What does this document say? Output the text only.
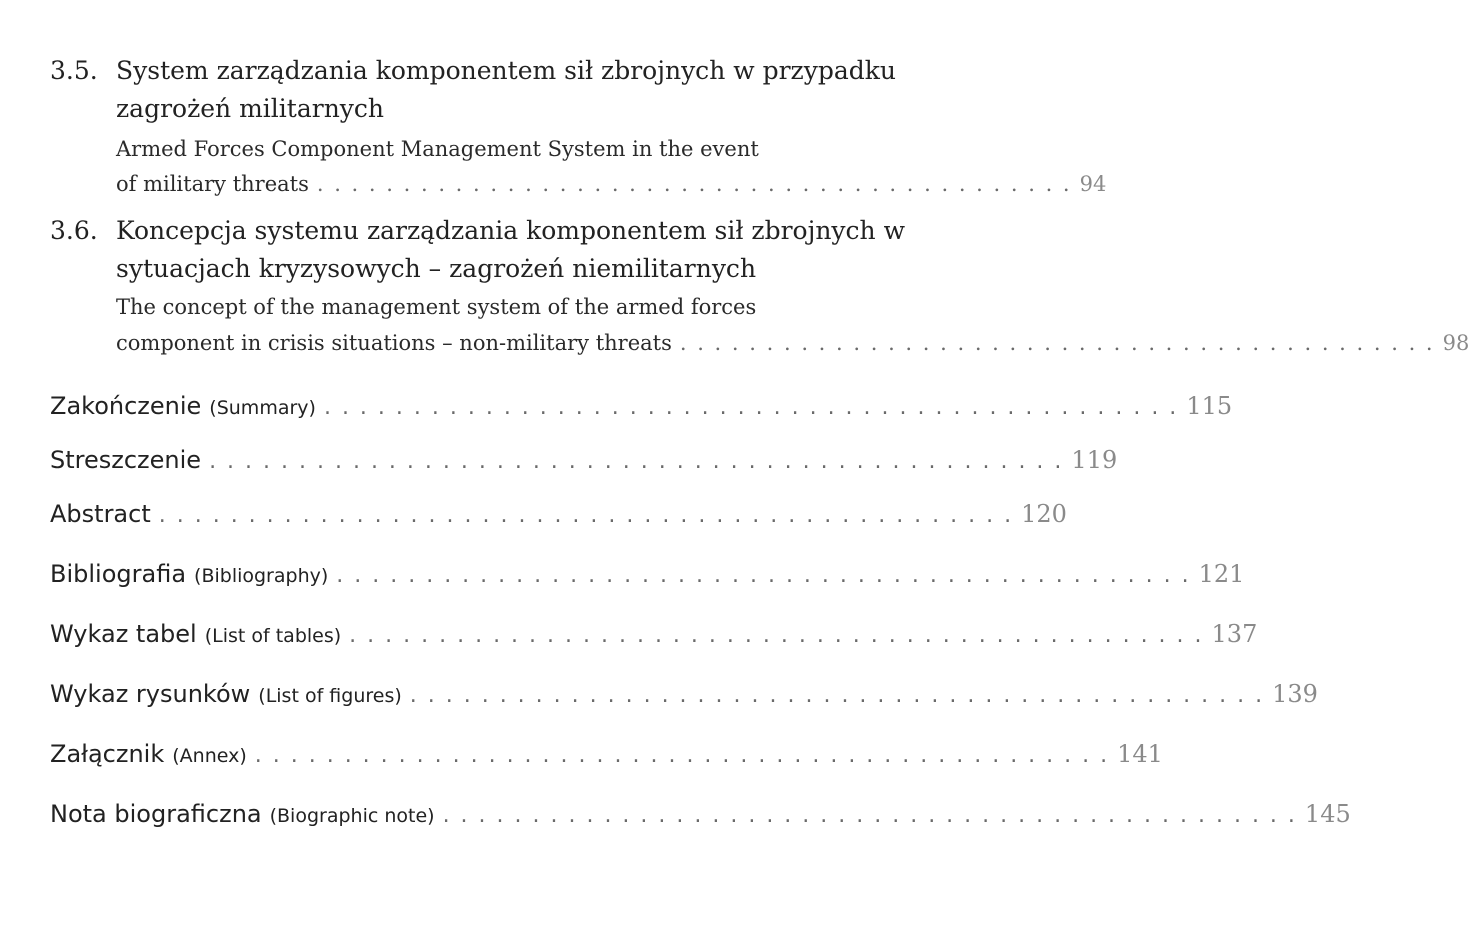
3.5. System zarządzania komponentem sił zbrojnych w przypadku zagrożeń militarnych
Armed Forces Component Management System in the event
of military threats . . . . . . . . . . . . . . . . . . . . . . . . . . . . . . . . . . . . . . . . . . . . 94
3.6. Koncepcja systemu zarządzania komponentem sił zbrojnych w sytuacjach kryzysowych – zagrożeń niemilitarnych
The concept of the management system of the armed forces
component in crisis situations – non-military threats . . . . . . . . . . . . . . . . . . . . . . . . . . . . . . . . . . . . . . . . . . . . 98
Zakończenie (Summary) . . . . . . . . . . . . . . . . . . . . . . . . . . . . . . . . . . . . . . . . . . . . . . . . 115
Streszczenie . . . . . . . . . . . . . . . . . . . . . . . . . . . . . . . . . . . . . . . . . . . . . . . . 119
Abstract . . . . . . . . . . . . . . . . . . . . . . . . . . . . . . . . . . . . . . . . . . . . . . . . 120
Bibliografia (Bibliography) . . . . . . . . . . . . . . . . . . . . . . . . . . . . . . . . . . . . . . . . . . . . . . . . 121
Wykaz tabel (List of tables) . . . . . . . . . . . . . . . . . . . . . . . . . . . . . . . . . . . . . . . . . . . . . . . . 137
Wykaz rysunków (List of figures) . . . . . . . . . . . . . . . . . . . . . . . . . . . . . . . . . . . . . . . . . . . . . . . . 139
Załącznik (Annex) . . . . . . . . . . . . . . . . . . . . . . . . . . . . . . . . . . . . . . . . . . . . . . . . 141
Nota biograficzna (Biographic note) . . . . . . . . . . . . . . . . . . . . . . . . . . . . . . . . . . . . . . . . . . . . . . . . 145
